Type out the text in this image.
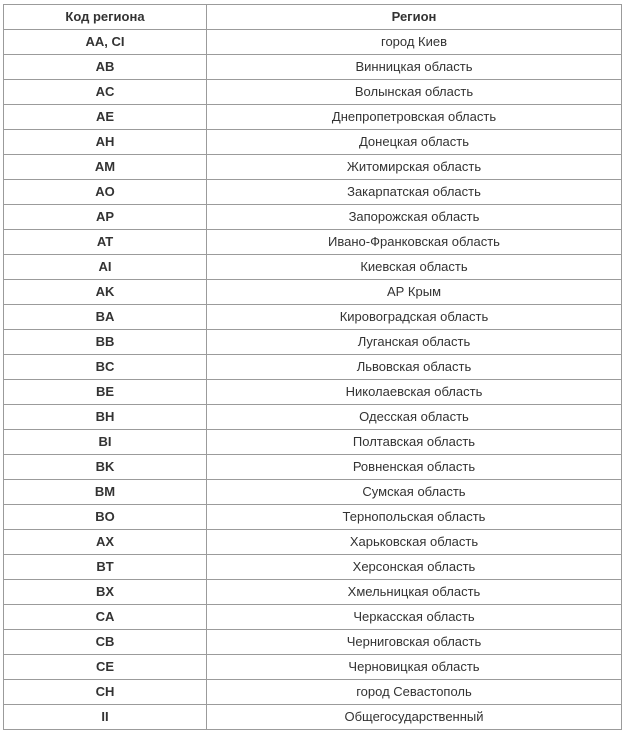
Код региона	Регион
AA, CI	город Киев
AB	Винницкая область
AC	Волынская область
AE	Днепропетровская область
AH	Донецкая область
AM	Житомирская область
AO	Закарпатская область
AP	Запорожская область
AT	Ивано-Франковская область
AI	Киевская область
AK	АР Крым
BA	Кировоградская область
BB	Луганская область
BC	Львовская область
BE	Николаевская область
BH	Одесская область
BI	Полтавская область
BK	Ровненская область
BM	Сумская область
BO	Тернопольская область
AX	Харьковская область
BT	Херсонская область
BX	Хмельницкая область
CA	Черкасская область
CB	Черниговская область
CE	Черновицкая область
CH	город Севастополь
II	Общегосударственный
